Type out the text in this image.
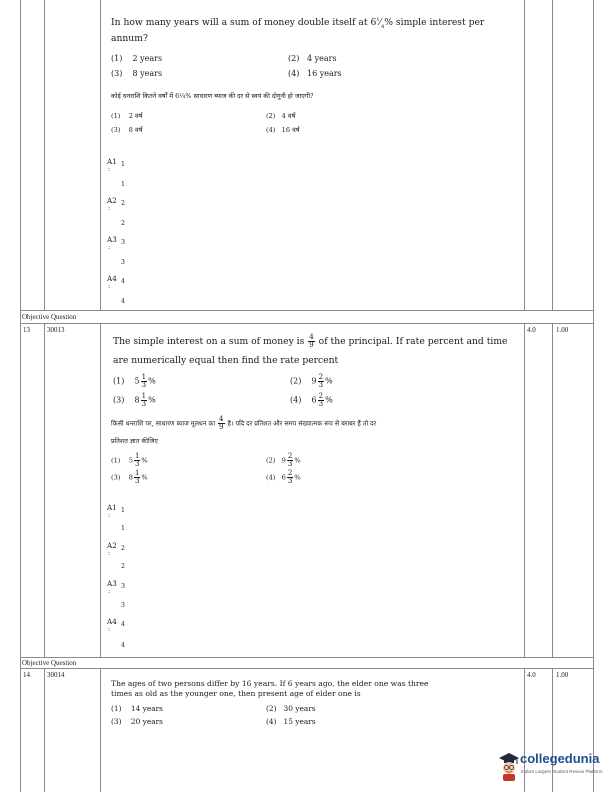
In how many years will a sum of money double itself at $6^1⁄_4\%$ simple interest per
annum?
(1) 2 years	(2) 4 years
(3) 8 years	(4) 16 years
कोई धनराशि कितने वर्षों में 6¼% साधारण ब्याज की दर से स्वयं की दोगुनी हो जाएगी?
(1) 2 वर्ष	(2) 4 वर्ष
(3) 8 वर्ष	(4) 16 वर्ष
A1 1
:
1
A2 2
:
2
A3 3
:
3
A4 4
:
4
Objective Question
13 30013	4.0	1.00
The simple interest on a sum of money is $\frac{4}{9}$ of the principal. If rate percent and time
are numerically equal then find the rate percent
(1) $5 \frac{1}{3}$ %	(2) $9 \frac{2}{3}$ %
(3) $8 \frac{1}{3}$ %	(4) $6 \frac{2}{3}$ %
किसी धनराशि पर, साधारण ब्याज मूलधन का $\frac{4}{9}$ है। यदि दर प्रतिशत और समय संख्यात्मक रूप से बराबर हैं तो दर
प्रतिशत ज्ञात कीजिए
(1) $5 \frac{1}{3}$ %	(2) $9 \frac{2}{3}$ %
(3) $8 \frac{1}{3}$ %	(4) $6 \frac{2}{3}$ %
A1 1
:
1
A2 2
:
2
A3 3
:
3
A4 4
:
4
Objective Question
14 30014	4.0	1.00
The ages of two persons differ by 16 years. If 6 years ago, the elder one was three
times as old as the younger one, then present age of elder one is
(1) 14 years	(2) 30 years
(3) 20 years	(4) 15 years
collegedunia
India's Largest Student Review Platform
